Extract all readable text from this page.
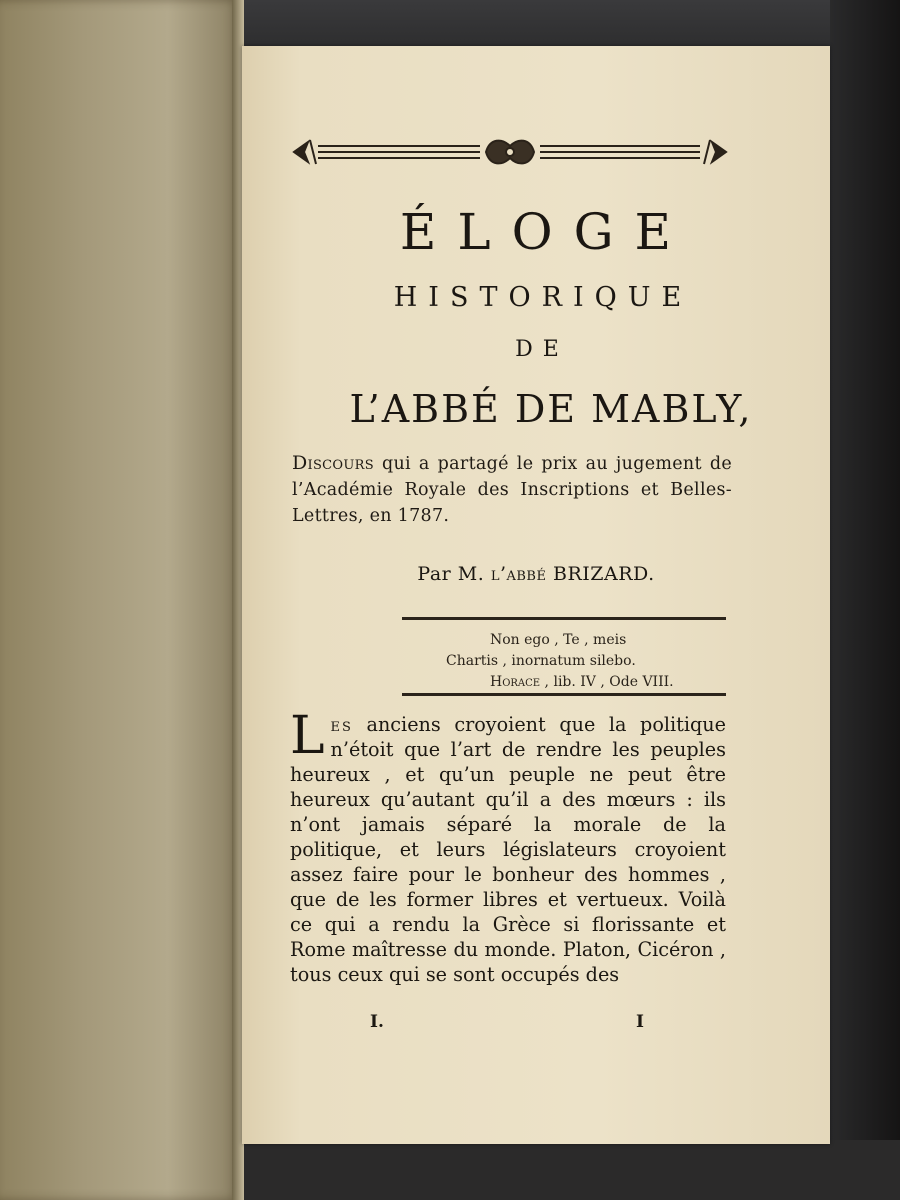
ÉLOGE
HISTORIQUE
DE
L’ABBÉ DE MABLY,

Discours qui a partagé le prix au jugement de l’Académie Royale des Inscriptions et Belles-Lettres, en 1787.

Par M. l’abbé BRIZARD.

Non ego , Te , meis
Chartis , inornatum silebo.
Horace , lib. IV , Ode VIII.

Les anciens croyoient que la politique n’étoit que l’art de rendre les peuples heureux , et qu’un peuple ne peut être heureux qu’autant qu’il a des mœurs : ils n’ont jamais séparé la morale de la politique, et leurs législateurs croyoient assez faire pour le bonheur des hommes , que de les former libres et vertueux. Voilà ce qui a rendu la Grèce si florissante et Rome maîtresse du monde. Platon, Cicéron , tous ceux qui se sont occupés des

I.	I
